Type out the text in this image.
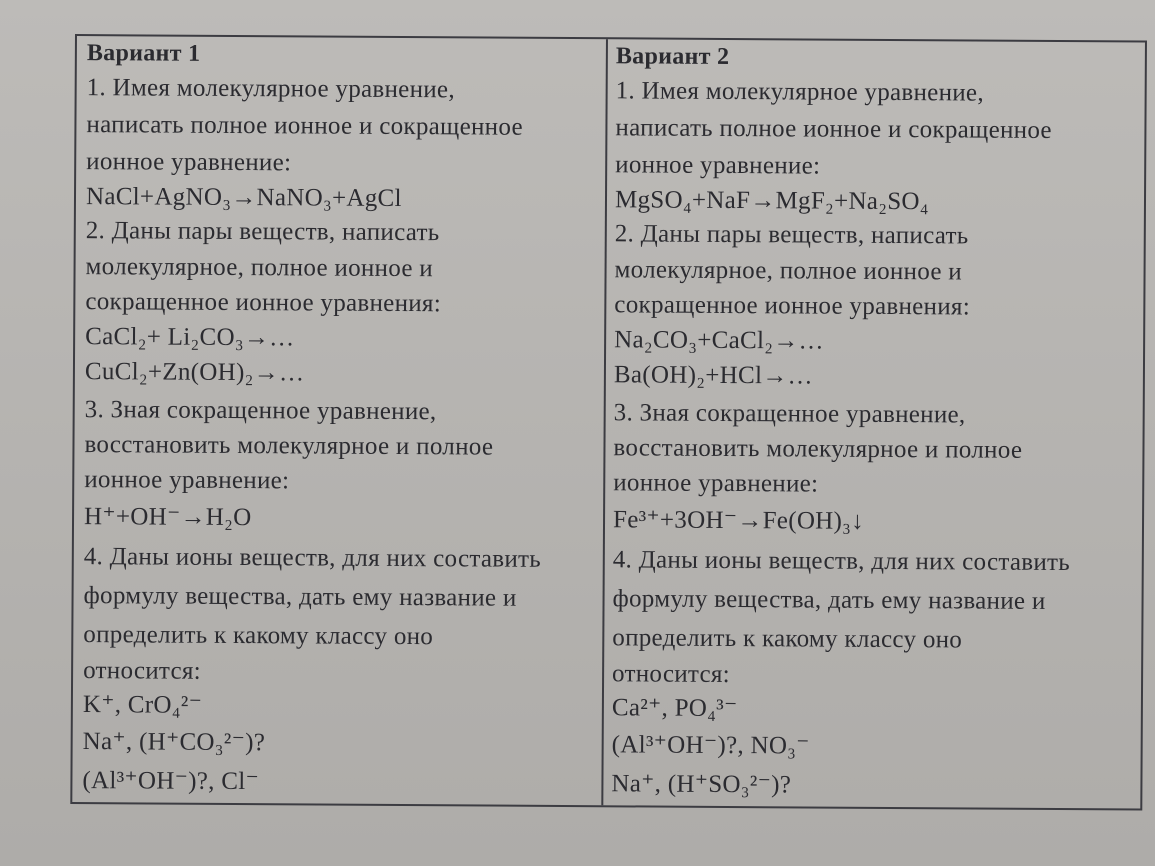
Вариант 1
1. Имея молекулярное уравнение,
написать полное ионное и сокращенное
ионное уравнение:
NaCl+AgNO₃→NaNO₃+AgCl
2. Даны пары веществ, написать
молекулярное, полное ионное и
сокращенное ионное уравнения:
CaCl₂+ Li₂CO₃→…
CuCl₂+Zn(OH)₂→…
3. Зная сокращенное уравнение,
восстановить молекулярное и полное
ионное уравнение:
H⁺+OH⁻→H₂O
4. Даны ионы веществ, для них составить
формулу вещества, дать ему название и
определить к какому классу оно
относится:
K⁺, CrO₄²⁻
Na⁺, (H⁺CO₃²⁻)?
(Al³⁺OH⁻)?, Cl⁻
Вариант 2
1. Имея молекулярное уравнение,
написать полное ионное и сокращенное
ионное уравнение:
MgSO₄+NaF→MgF₂+Na₂SO₄
2. Даны пары веществ, написать
молекулярное, полное ионное и
сокращенное ионное уравнения:
Na₂CO₃+CaCl₂→…
Ba(OH)₂+HCl→…
3. Зная сокращенное уравнение,
восстановить молекулярное и полное
ионное уравнение:
Fe³⁺+3OH⁻→Fe(OH)₃↓
4. Даны ионы веществ, для них составить
формулу вещества, дать ему название и
определить к какому классу оно
относится:
Ca²⁺, PO₄³⁻
(Al³⁺OH⁻)?, NO₃⁻
Na⁺, (H⁺SO₃²⁻)?
